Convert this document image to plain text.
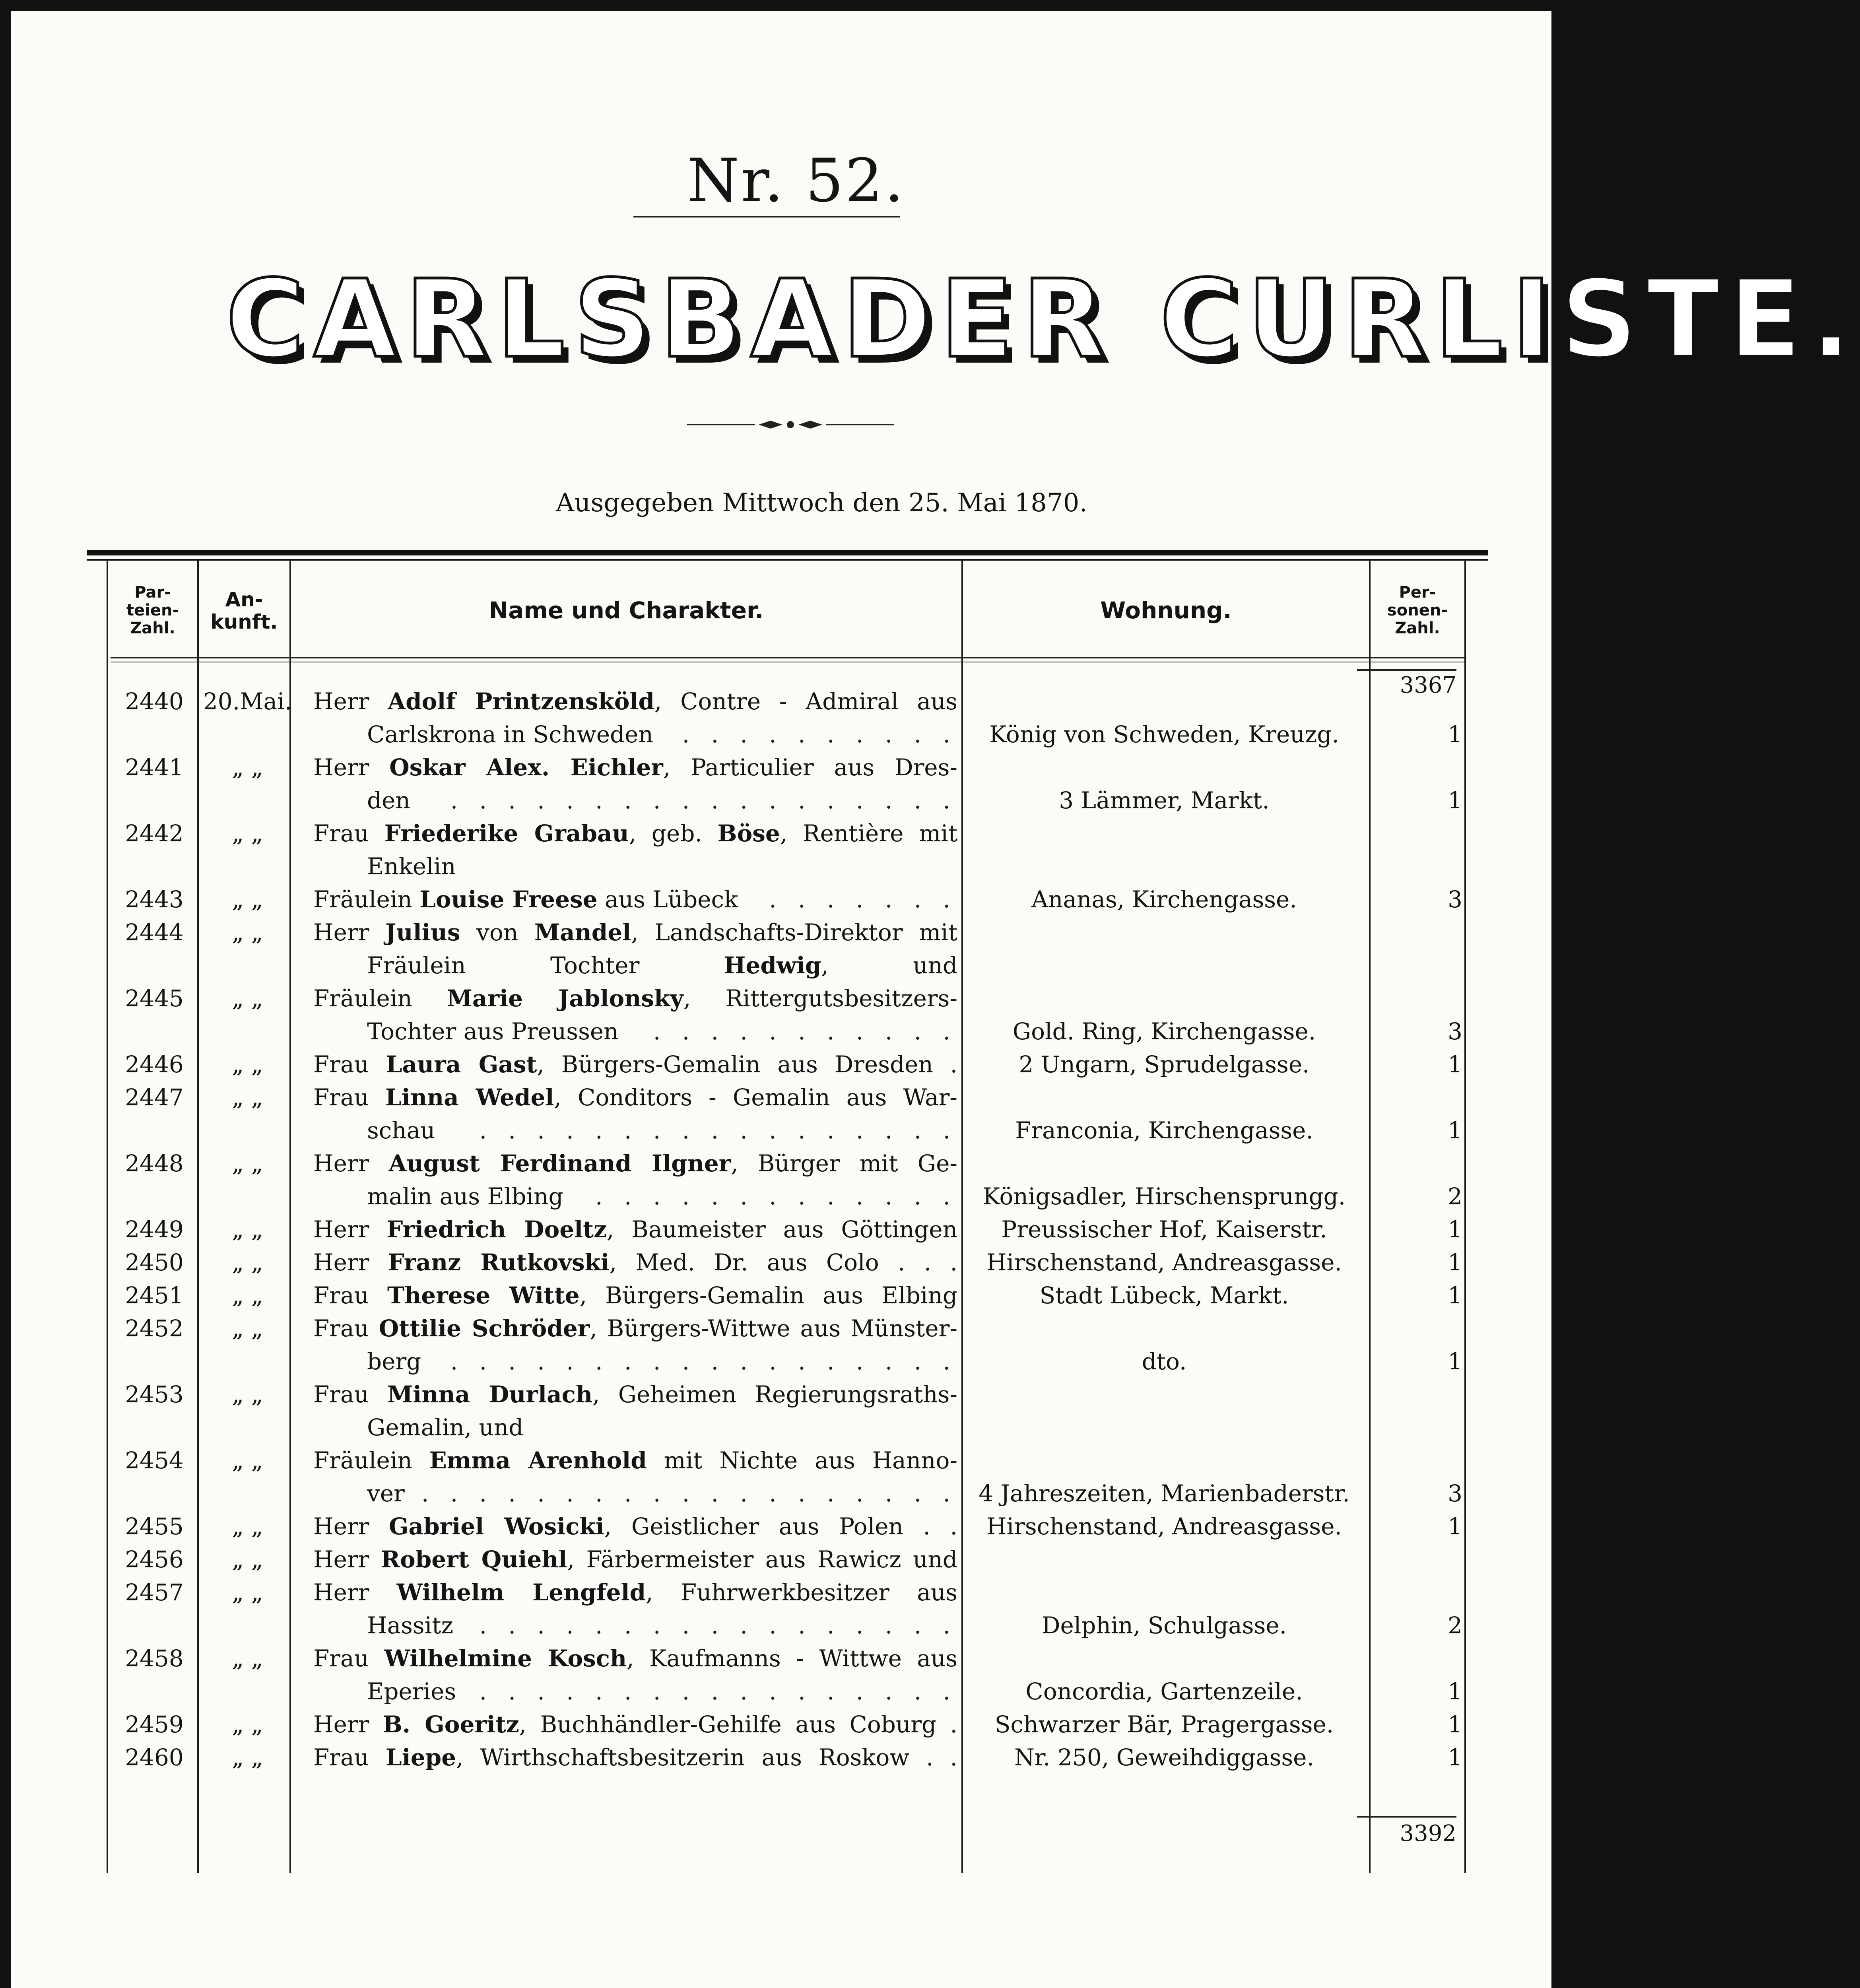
Nr. 52.
CARLSBADER CURLISTE.
Ausgegeben Mittwoch den 25. Mai 1870.
Par-
teien-
Zahl.
An-
kunft.	Name und Charakter.	Wohnung.
Per-
sonen-
Zahl.
3367
2440 20.Mai. Herr Adolf Printzensköld, Contre - Admiral aus
Carlskrona in Schweden . . . . . . . . . .	König von Schweden, Kreuzg.	1
2441	„ „	Herr Oskar Alex. Eichler, Particulier aus Dres-
den . . . . . . . . . . . . . . . . . .	3 Lämmer, Markt.	1
2442	„ „	Frau Friederike Grabau, geb. Böse, Rentière mit
Enkelin
2443	„ „	Fräulein Louise Freese aus Lübeck . . . . . . .	Ananas, Kirchengasse.	3
2444	„ „	Herr Julius von Mandel, Landschafts-Direktor mit
Fräulein Tochter Hedwig, und
2445	„ „	Fräulein Marie Jablonsky, Rittergutsbesitzers-
Tochter aus Preussen . . . . . . . . . . .	Gold. Ring, Kirchengasse.	3
2446	„ „	Frau Laura Gast, Bürgers-Gemalin aus Dresden .	2 Ungarn, Sprudelgasse.	1
2447	„ „	Frau Linna Wedel, Conditors - Gemalin aus War-
schau . . . . . . . . . . . . . . . . .	Franconia, Kirchengasse.	1
2448	„ „	Herr August Ferdinand Ilgner, Bürger mit Ge-
malin aus Elbing . . . . . . . . . . . . .	Königsadler, Hirschensprungg.	2
2449	„ „	Herr Friedrich Doeltz, Baumeister aus Göttingen	Preussischer Hof, Kaiserstr.	1
2450	„ „	Herr Franz Rutkovski, Med. Dr. aus Colo . . .	Hirschenstand, Andreasgasse.	1
2451	„ „	Frau Therese Witte, Bürgers-Gemalin aus Elbing	Stadt Lübeck, Markt.	1
2452	„ „	Frau Ottilie Schröder, Bürgers-Wittwe aus Münster-
berg . . . . . . . . . . . . . . . . . .	dto.	1
2453	„ „	Frau Minna Durlach, Geheimen Regierungsraths-
Gemalin, und
2454	„ „	Fräulein Emma Arenhold mit Nichte aus Hanno-
ver . . . . . . . . . . . . . . . . . . . 4 Jahreszeiten, Marienbaderstr.	3
2455	„ „	Herr Gabriel Wosicki, Geistlicher aus Polen . .	Hirschenstand, Andreasgasse.	1
2456	„ „	Herr Robert Quiehl, Färbermeister aus Rawicz und
2457	„ „	Herr Wilhelm Lengfeld, Fuhrwerkbesitzer aus
Hassitz . . . . . . . . . . . . . . . . .	Delphin, Schulgasse.	2
2458	„ „	Frau Wilhelmine Kosch, Kaufmanns - Wittwe aus
Eperies . . . . . . . . . . . . . . . . .	Concordia, Gartenzeile.	1
2459	„ „	Herr B. Goeritz, Buchhändler-Gehilfe aus Coburg .	Schwarzer Bär, Pragergasse.	1
2460	„ „	Frau Liepe, Wirthschaftsbesitzerin aus Roskow . .	Nr. 250, Geweihdiggasse.	1
3392
